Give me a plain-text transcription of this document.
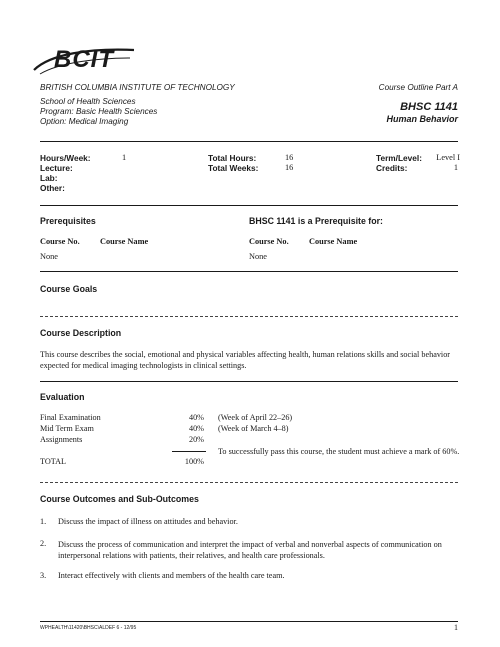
BCIT
BRITISH COLUMBIA INSTITUTE OF TECHNOLOGY
School of Health Sciences
Program: Basic Health Sciences
Option: Medical Imaging
Course Outline Part A
BHSC 1141
Human Behavior
Hours/Week:	1
Lecture:
Lab:
Other:
Total Hours:	16
Total Weeks:	16
Term/Level: Level I
Credits:	1
Prerequisites	BHSC 1141 is a Prerequisite for:
Course No. Course Name	Course No. Course Name
None	None
Course Goals
Course Description
This course describes the social, emotional and physical variables affecting health, human relations skills and social behavior expected for medical imaging technologists in clinical settings.
Evaluation
Final Examination	40% (Week of April 22–26)
Mid Term Exam	40% (Week of March 4–8)
Assignments	20%
TOTAL	100%
To successfully pass this course, the student must achieve a mark of 60%.
Course Outcomes and Sub-Outcomes
1. Discuss the impact of illness on attitudes and behavior.
2. Discuss the process of communication and interpret the impact of verbal and nonverbal aspects of communication on interpersonal relations with patients, their relatives, and health care professionals.
3. Interact effectively with clients and members of the health care team.
WPHEALTH\11420\BHSC\ALDEF 6 - 12/95	1
